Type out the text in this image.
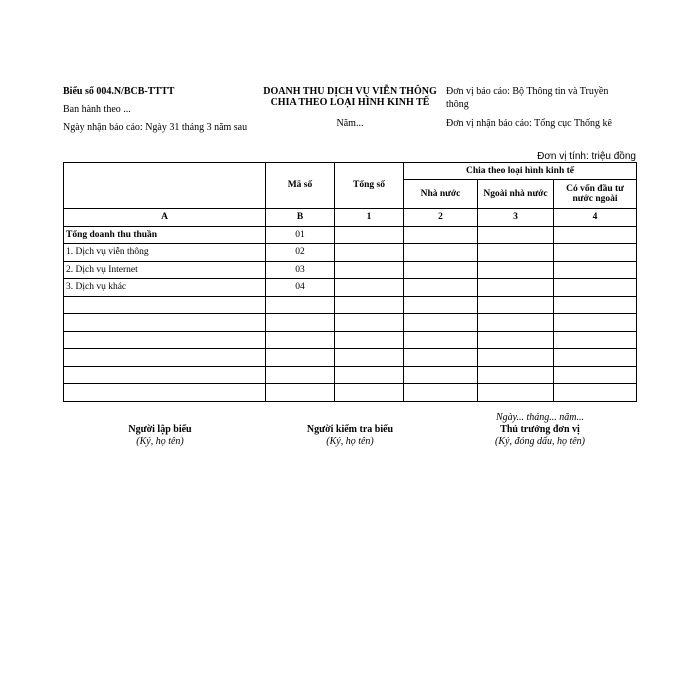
Biểu số 004.N/BCB-TTTT
Ban hành theo ...
Ngày nhận báo cáo: Ngày 31 tháng 3 năm sau
DOANH THU DỊCH VỤ VIỄN THÔNG
CHIA THEO LOẠI HÌNH KINH TẾ
Năm...
Đơn vị báo cáo: Bộ Thông tin và Truyền thông
Đơn vị nhận báo cáo: Tổng cục Thống kê
Đơn vị tính: triệu đồng
	Mã số	Tổng số	Chia theo loại hình kinh tế		
			Nhà nước	Ngoài nhà nước	Có vốn đầu tư nước ngoài
A	B	1	2	3	4
Tổng doanh thu thuần	01				
1. Dịch vụ viễn thông	02				
2. Dịch vụ Internet	03				
3. Dịch vụ khác	04				

Ngày... tháng... năm...
Người lập biểu
(Ký, họ tên)
Người kiểm tra biểu
(Ký, họ tên)
Thủ trưởng đơn vị
(Ký, đóng dấu, họ tên)
